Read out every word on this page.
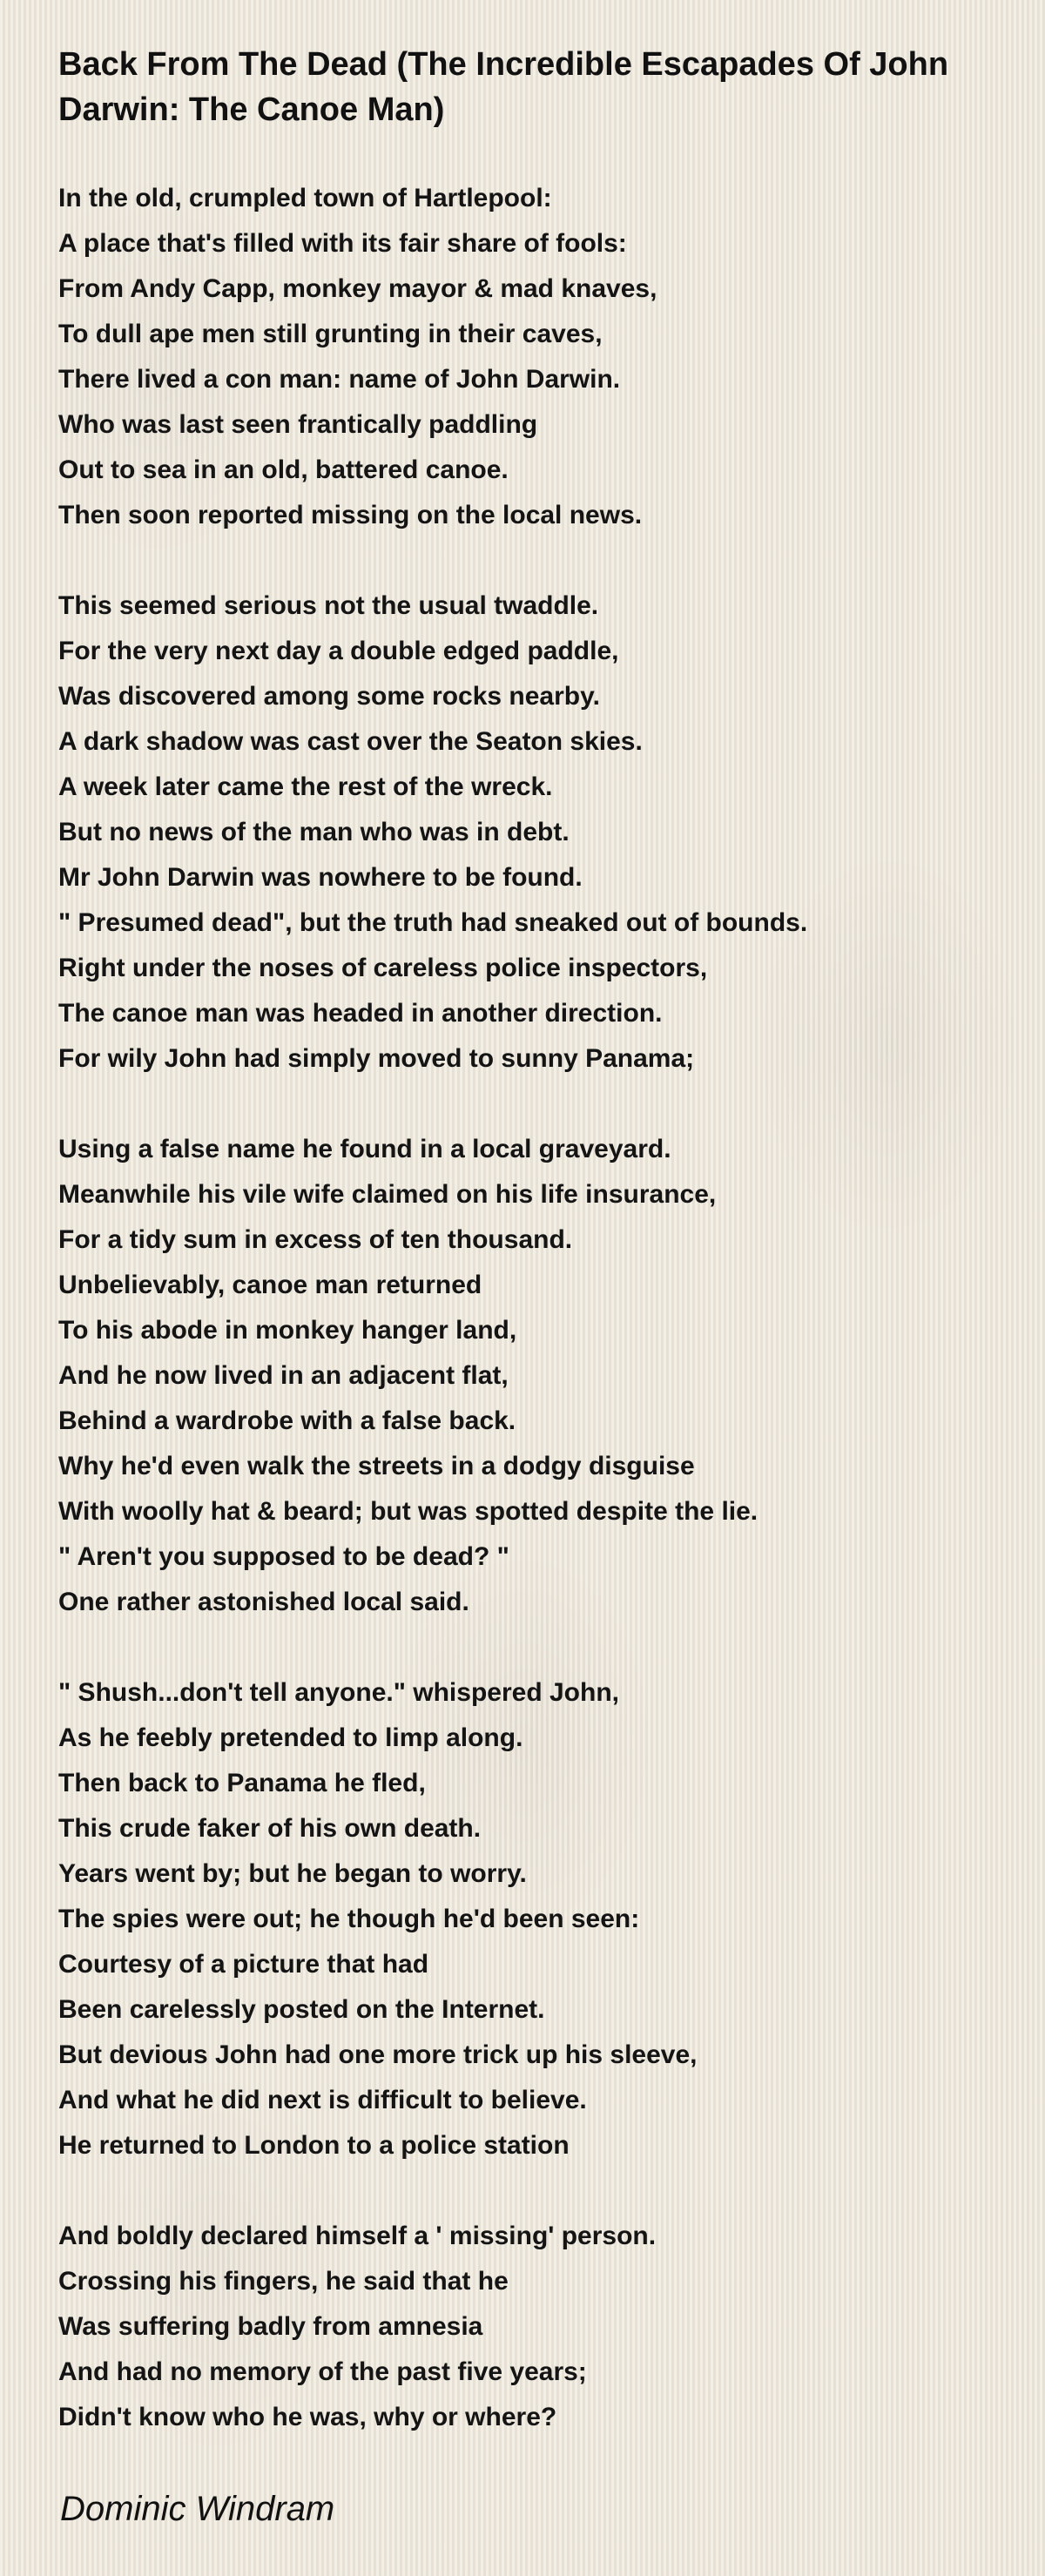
Back From The Dead (The Incredible Escapades Of John Darwin: The Canoe Man)
In the old, crumpled town of Hartlepool:
A place that's filled with its fair share of fools:
From Andy Capp, monkey mayor & mad knaves,
To dull ape men still grunting in their caves,
There lived a con man: name of John Darwin.
Who was last seen frantically paddling
Out to sea in an old, battered canoe.
Then soon reported missing on the local news.
This seemed serious not the usual twaddle.
For the very next day a double edged paddle,
Was discovered among some rocks nearby.
A dark shadow was cast over the Seaton skies.
A week later came the rest of the wreck.
But no news of the man who was in debt.
Mr John Darwin was nowhere to be found.
" Presumed dead", but the truth had sneaked out of bounds.
Right under the noses of careless police inspectors,
The canoe man was headed in another direction.
For wily John had simply moved to sunny Panama;
Using a false name he found in a local graveyard.
Meanwhile his vile wife claimed on his life insurance,
For a tidy sum in excess of ten thousand.
Unbelievably, canoe man returned
To his abode in monkey hanger land,
And he now lived in an adjacent flat,
Behind a wardrobe with a false back.
Why he'd even walk the streets in a dodgy disguise
With woolly hat & beard; but was spotted despite the lie.
" Aren't you supposed to be dead? "
One rather astonished local said.
" Shush...don't tell anyone." whispered John,
As he feebly pretended to limp along.
Then back to Panama he fled,
This crude faker of his own death.
Years went by; but he began to worry.
The spies were out; he though he'd been seen:
Courtesy of a picture that had
Been carelessly posted on the Internet.
But devious John had one more trick up his sleeve,
And what he did next is difficult to believe.
He returned to London to a police station
And boldly declared himself a ' missing' person.
Crossing his fingers, he said that he
Was suffering badly from amnesia
And had no memory of the past five years;
Didn't know who he was, why or where?
Dominic Windram
